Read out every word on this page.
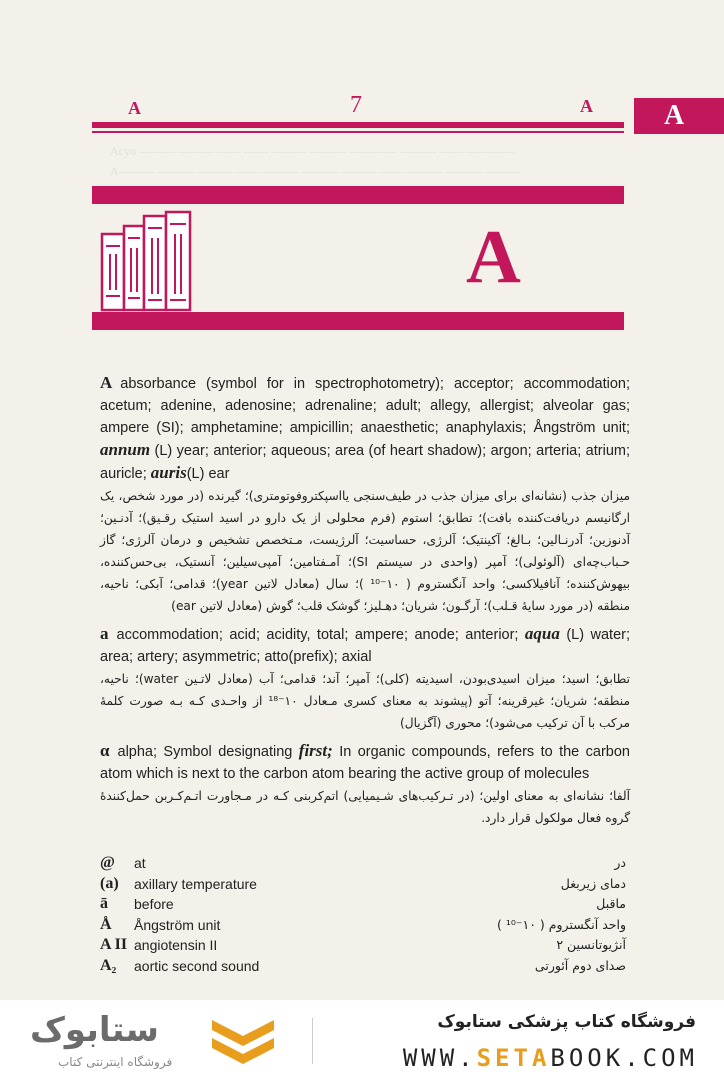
Acyo ——— ——— —— —— ——— ——— ———— ——— —— ————
A——— ——— ——— —— ——— ——— ——— —— ——— ——— ———
A	7	A	A
A

A absorbance (symbol for in spectrophotometry); acceptor; accommodation; acetum; adenine, adenosine; adrenaline; adult; allegy, allergist; alveolar gas; ampere (SI); amphetamine; ampicillin; anaesthetic; anaphylaxis; Ångström unit; annum (L) year; anterior; aqueous; area (of heart shadow); argon; arteria; atrium; auricle; auris(L) ear

میزان جذب (نشانه‌ای برای میزان جذب در طیف‌سنجی یااسپکتروفوتومتری)؛ گیرنده (در مورد شخص، یک ارگانیسم دریافت‌کننده بافت)؛ تطابق؛ استوم (فرم محلولی از یک دارو در اسید استیک رقـیق)؛ آدنـین؛ آدنوزین؛ آدرنـالین؛ بـالغ؛ آکینتیک؛ آلرژی، حساسیت؛ آلرژیست، مـتخصص تشخیص و درمان آلرژی؛ گاز حـباب‌چه‌ای (آلوئولی)؛ آمپر (واحدی در سیستم SI)؛ آمـفتامین؛ آمپی‌سیلین؛ آنستیک، بی‌حس‌کننده، بیهوش‌کننده؛ آنافیلاکسی؛ واحد آنگستروم ( ۱۰⁻¹⁰ )؛ سال (معادل لاتین year)؛ قدامی؛ آبکی؛ ناحیه، منطقه (در مورد سایهٔ قـلب)؛ آرگـون؛ شریان؛ دهـلیز؛ گوشک قلب؛ گوش (معادل لاتین ear)

a accommodation; acid; acidity, total; ampere; anode; anterior; aqua (L) water; area; artery; asymmetric; atto(prefix); axial

تطابق؛ اسید؛ میزان اسیدی‌بودن، اسیدیته (کلی)؛ آمپر؛ آند؛ قدامی؛ آب (معادل لاتـین water)؛ ناحیه، منطقه؛ شریان؛ غیرقرینه؛ آتو (پیشوند به معنای کسری مـعادل ۱۰⁻¹⁸ از واحـدی کـه بـه صورت کلمهٔ مرکب با آن ترکیب می‌شود)؛ محوری (آگزیال)

α alpha; Symbol designating first; In organic compounds, refers to the carbon atom which is next to the carbon atom bearing the active group of molecules

آلفا؛ نشانه‌ای به معنای اولین؛ (در تـرکیب‌های شـیمیایی) اتم‌کربنی کـه در مـجاورت اتـم‌کـربن حمل‌کنندهٔ گروه فعال مولکول قرار دارد.

@ at	در
(a) axillary temperature	دمای زیربغل
ā before	ماقبل
Å Ångström unit	واحد آنگستروم ( ۱۰⁻¹⁰ )
A II angiotensin II	آنژیوتانسین ۲
A₂ aortic second sound	صدای دوم آئورتی
ستابوک
فروشگاه اینترنتی کتاب
فروشگاه کتاب پزشکی ستابوک
WWW.SETABOOK.COM
